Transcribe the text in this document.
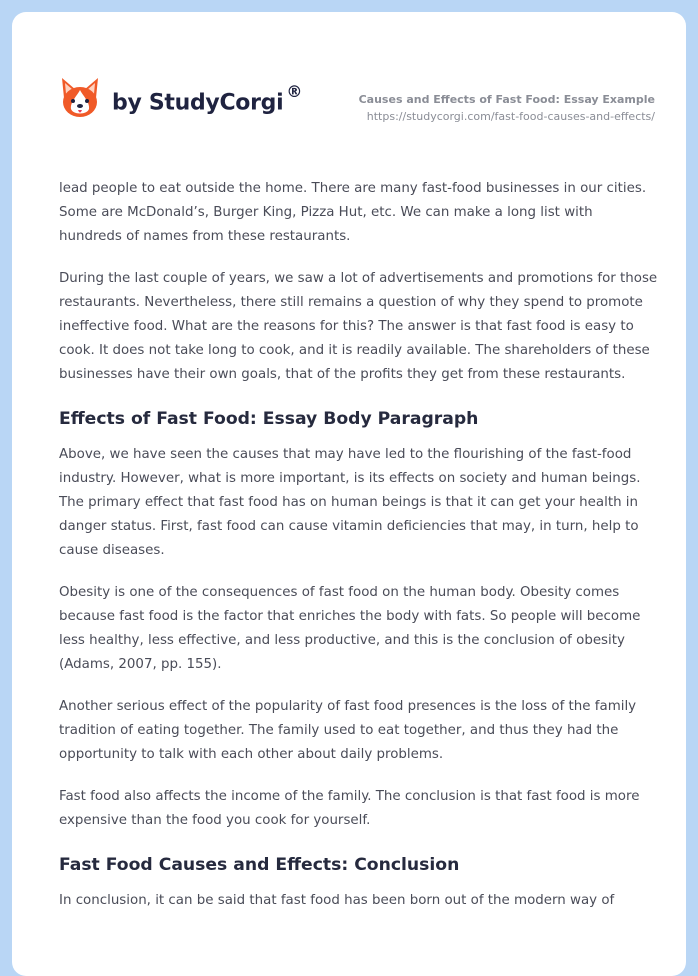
by StudyCorgi ®	Causes and Effects of Fast Food: Essay Example
https://studycorgi.com/fast-food-causes-and-effects/

lead people to eat outside the home. There are many fast-food businesses in our cities. Some are McDonald’s, Burger King, Pizza Hut, etc. We can make a long list with hundreds of names from these restaurants.

During the last couple of years, we saw a lot of advertisements and promotions for those restaurants. Nevertheless, there still remains a question of why they spend to promote ineffective food. What are the reasons for this? The answer is that fast food is easy to cook. It does not take long to cook, and it is readily available. The shareholders of these businesses have their own goals, that of the profits they get from these restaurants.

Effects of Fast Food: Essay Body Paragraph

Above, we have seen the causes that may have led to the flourishing of the fast-food industry. However, what is more important, is its effects on society and human beings. The primary effect that fast food has on human beings is that it can get your health in danger status. First, fast food can cause vitamin deficiencies that may, in turn, help to cause diseases.

Obesity is one of the consequences of fast food on the human body. Obesity comes because fast food is the factor that enriches the body with fats. So people will become less healthy, less effective, and less productive, and this is the conclusion of obesity (Adams, 2007, pp. 155).

Another serious effect of the popularity of fast food presences is the loss of the family tradition of eating together. The family used to eat together, and thus they had the opportunity to talk with each other about daily problems.

Fast food also affects the income of the family. The conclusion is that fast food is more expensive than the food you cook for yourself.

Fast Food Causes and Effects: Conclusion

In conclusion, it can be said that fast food has been born out of the modern way of
